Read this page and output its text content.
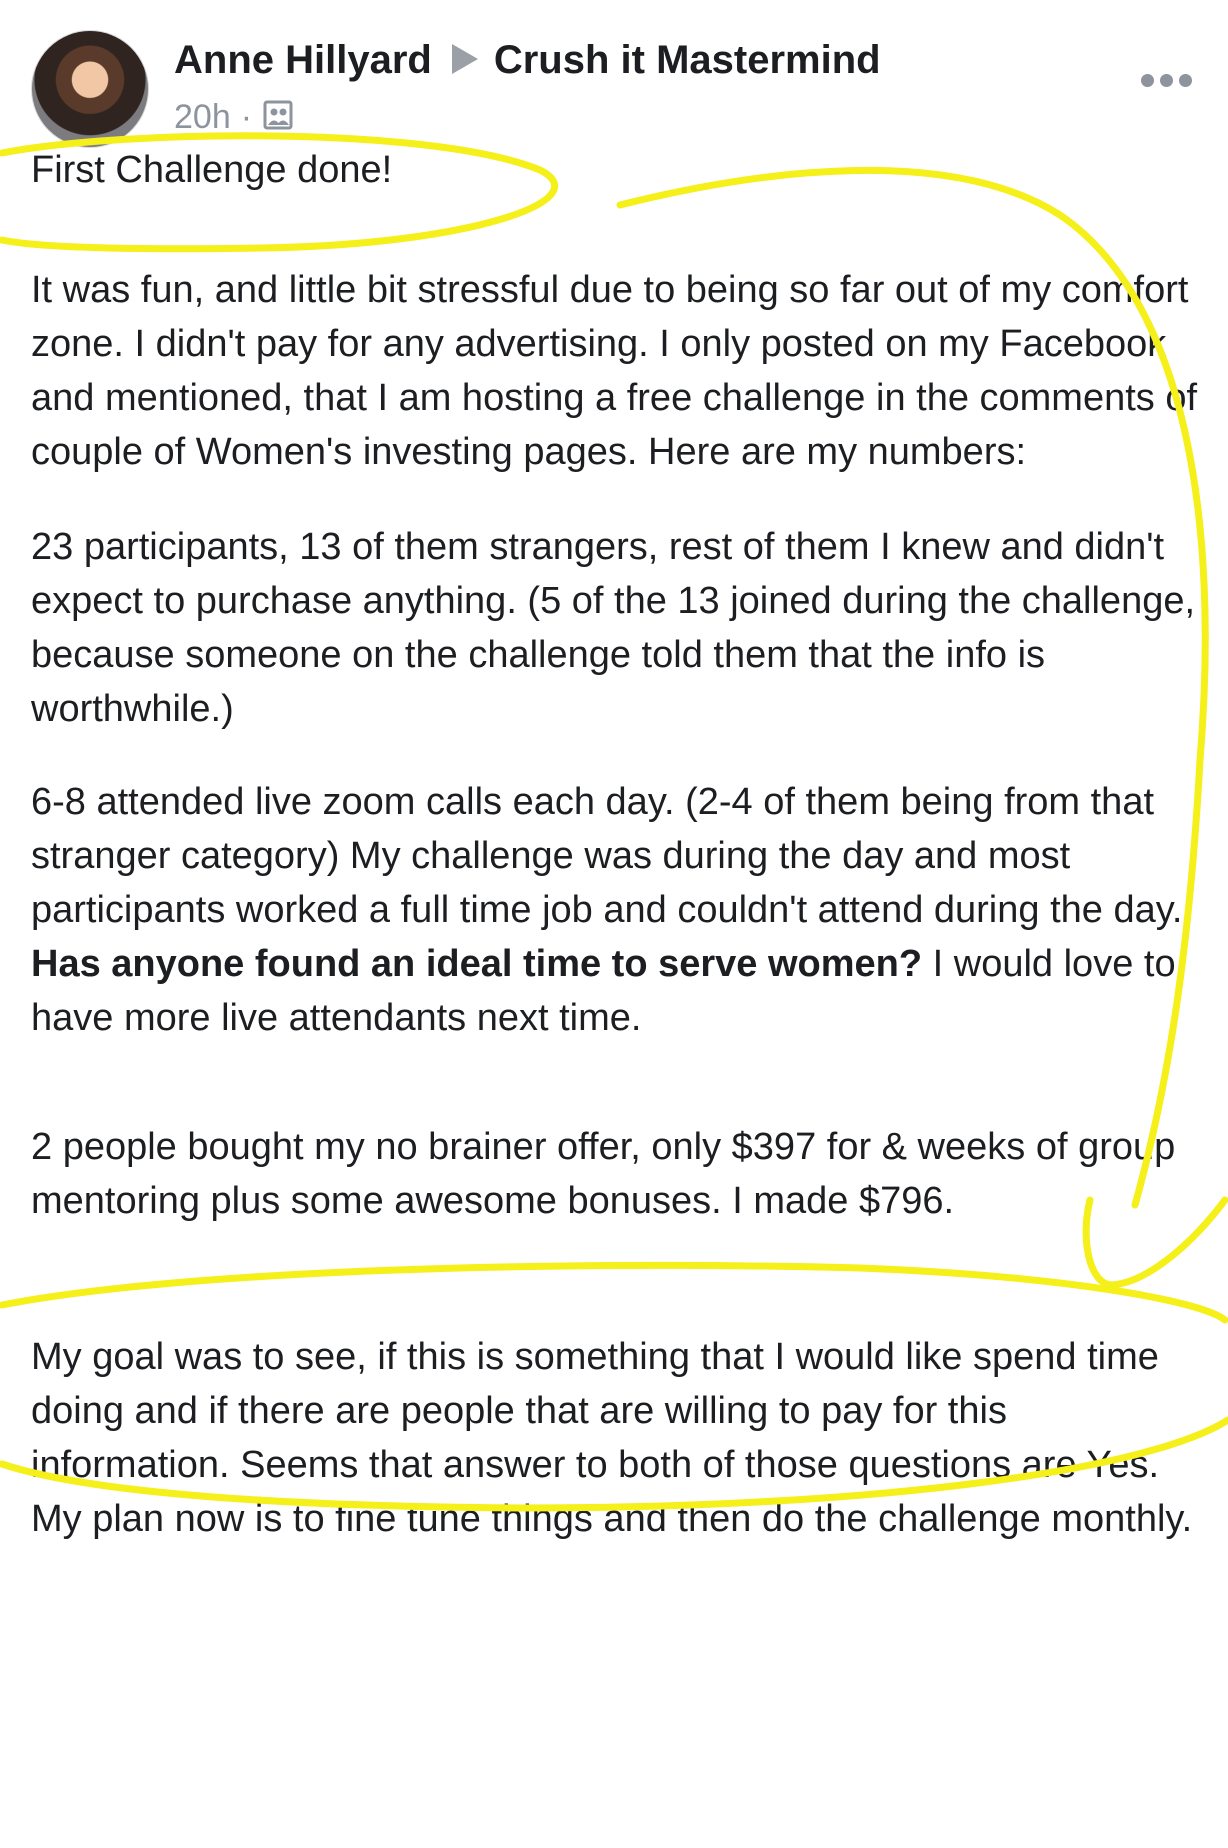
Anne Hillyard Crush it Mastermind
20h ·

First Challenge done!

It was fun, and little bit stressful due to being so far out of my comfort zone. I didn't pay for any advertising. I only posted on my Facebook and mentioned, that I am hosting a free challenge in the comments of couple of Women's investing pages. Here are my numbers:

23 participants, 13 of them strangers, rest of them I knew and didn't expect to purchase anything. (5 of the 13 joined during the challenge, because someone on the challenge told them that the info is worthwhile.)

6-8 attended live zoom calls each day. (2-4 of them being from that stranger category) My challenge was during the day and most participants worked a full time job and couldn't attend during the day. Has anyone found an ideal time to serve women? I would love to have more live attendants next time.

2 people bought my no brainer offer, only $397 for & weeks of group mentoring plus some awesome bonuses. I made $796.

My goal was to see, if this is something that I would like spend time doing and if there are people that are willing to pay for this information. Seems that answer to both of those questions are Yes. My plan now is to fine tune things and then do the challenge monthly.
